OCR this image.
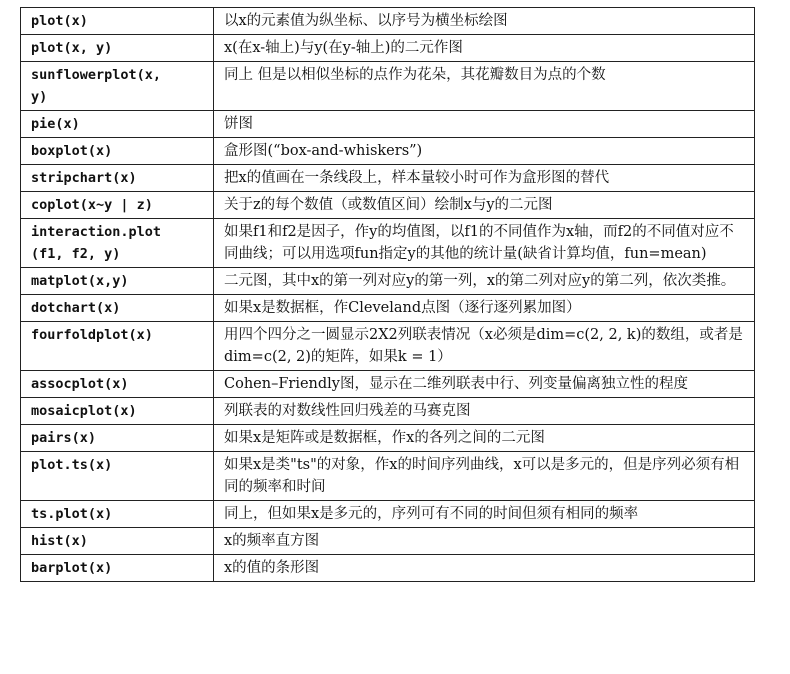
plot(x)	以x的元素值为纵坐标、以序号为横坐标绘图
plot(x, y)	x(在x-轴上)与y(在y-轴上)的二元作图
sunflowerplot(x,
y)	同上 但是以相似坐标的点作为花朵，其花瓣数目为点的个数
pie(x)	饼图
boxplot(x)	盒形图(“box-and-whiskers”)
stripchart(x)	把x的值画在一条线段上，样本量较小时可作为盒形图的替代
coplot(x~y | z)	关于z的每个数值（或数值区间）绘制x与y的二元图
interaction.plot
(f1, f2, y)	如果f1和f2是因子，作y的均值图，以f1的不同值作为x轴，而f2的不同值对应不同曲线；可以用选项fun指定y的其他的统计量(缺省计算均值，fun=mean)
matplot(x,y)	二元图，其中x的第一列对应y的第一列，x的第二列对应y的第二列，依次类推。
dotchart(x)	如果x是数据框，作Cleveland点图（逐行逐列累加图）
fourfoldplot(x)	用四个四分之一圆显示2X2列联表情况（x必须是dim=c(2, 2, k)的数组，或者是dim=c(2, 2)的矩阵，如果k = 1）
assocplot(x)	Cohen–Friendly图，显示在二维列联表中行、列变量偏离独立性的程度
mosaicplot(x)	列联表的对数线性回归残差的马赛克图
pairs(x)	如果x是矩阵或是数据框，作x的各列之间的二元图
plot.ts(x)	如果x是类"ts"的对象，作x的时间序列曲线，x可以是多元的，但是序列必须有相同的频率和时间
ts.plot(x)	同上，但如果x是多元的，序列可有不同的时间但须有相同的频率
hist(x)	x的频率直方图
barplot(x)	x的值的条形图
